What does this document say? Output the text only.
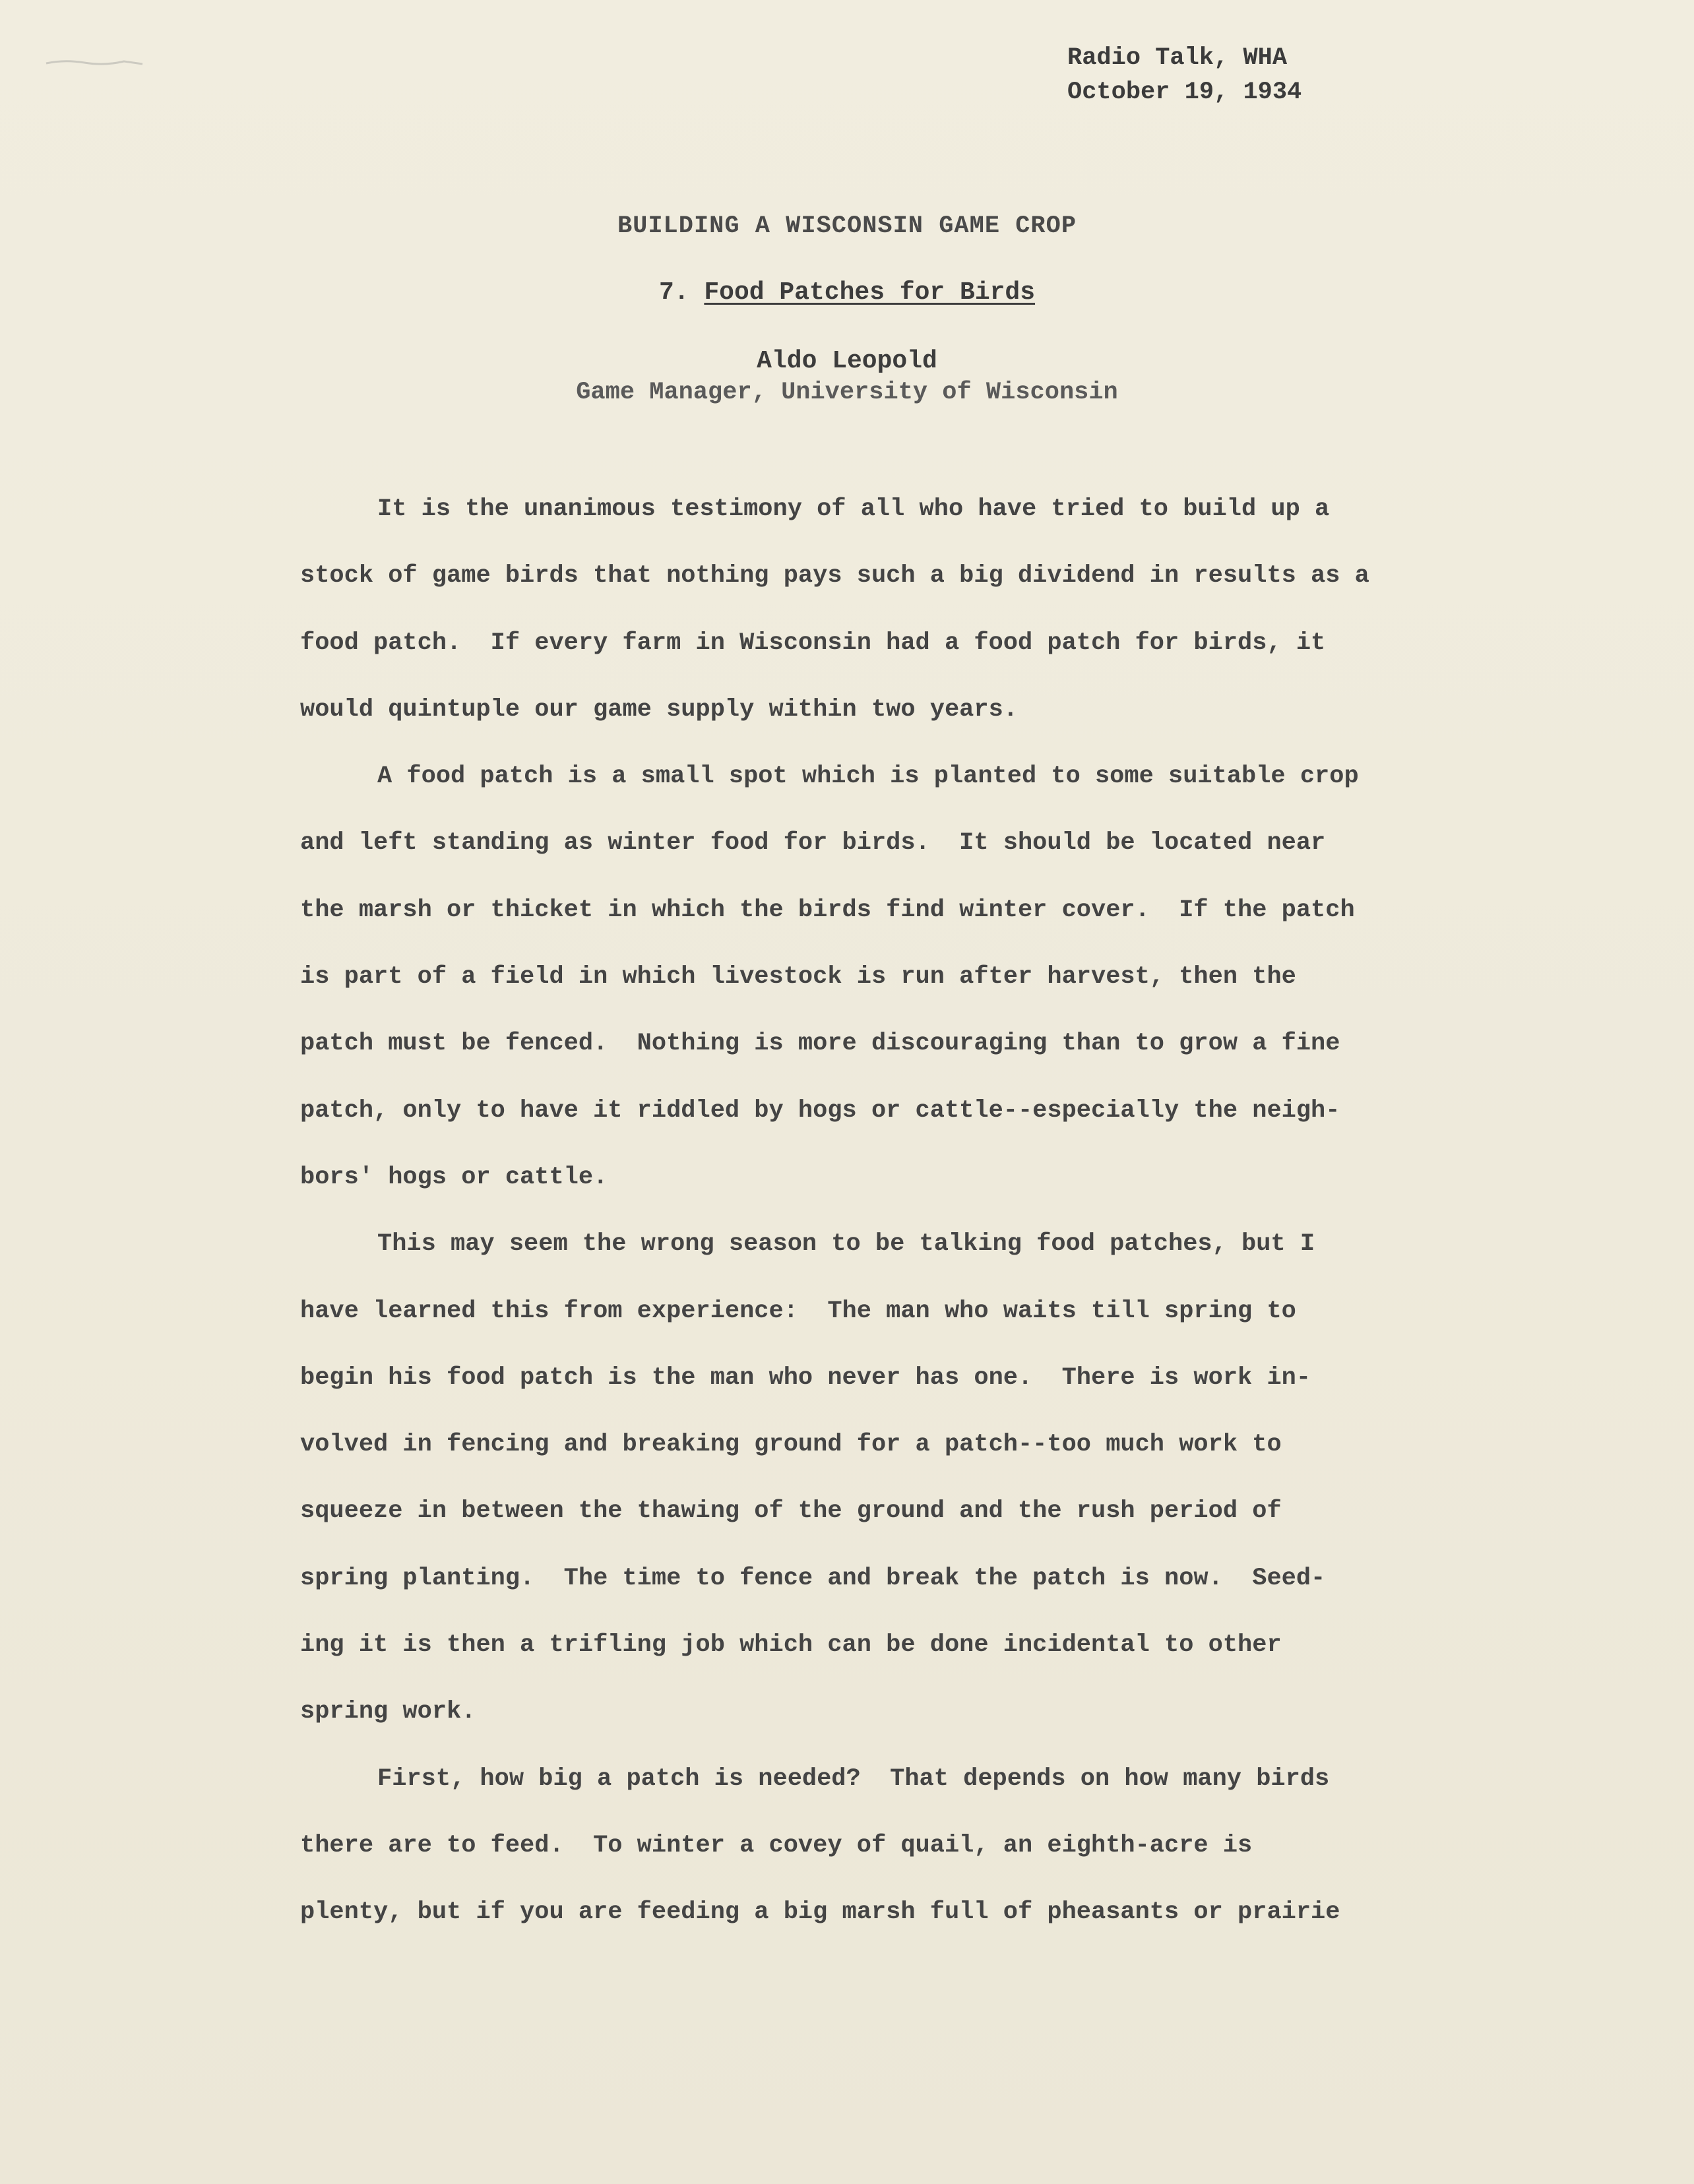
Radio Talk, WHA
October 19, 1934
BUILDING A WISCONSIN GAME CROP
7. Food Patches for Birds
Aldo Leopold
Game Manager, University of Wisconsin
It is the unanimous testimony of all who have tried to build up a
stock of game birds that nothing pays such a big dividend in results as a
food patch.  If every farm in Wisconsin had a food patch for birds, it
would quintuple our game supply within two years.
A food patch is a small spot which is planted to some suitable crop
and left standing as winter food for birds.  It should be located near
the marsh or thicket in which the birds find winter cover.  If the patch
is part of a field in which livestock is run after harvest, then the
patch must be fenced.  Nothing is more discouraging than to grow a fine
patch, only to have it riddled by hogs or cattle--especially the neigh-
bors' hogs or cattle.
This may seem the wrong season to be talking food patches, but I
have learned this from experience:  The man who waits till spring to
begin his food patch is the man who never has one.  There is work in-
volved in fencing and breaking ground for a patch--too much work to
squeeze in between the thawing of the ground and the rush period of
spring planting.  The time to fence and break the patch is now.  Seed-
ing it is then a trifling job which can be done incidental to other
spring work.
First, how big a patch is needed?  That depends on how many birds
there are to feed.  To winter a covey of quail, an eighth-acre is
plenty, but if you are feeding a big marsh full of pheasants or prairie
